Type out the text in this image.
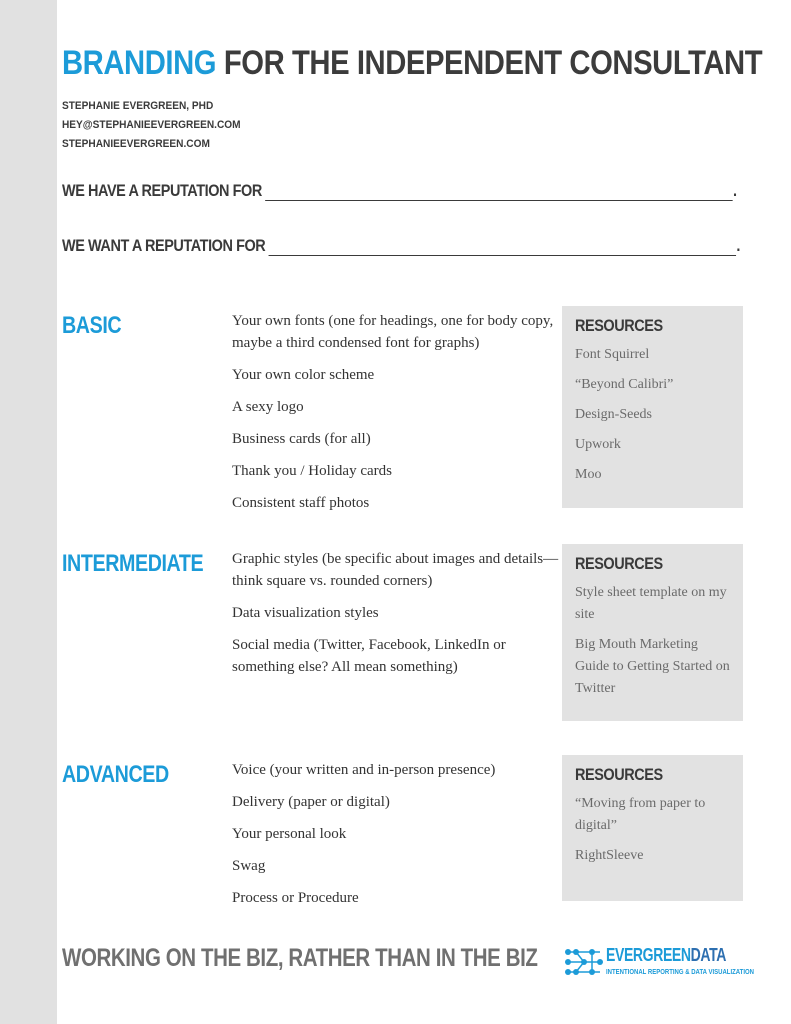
BRANDING FOR THE INDEPENDENT CONSULTANT
STEPHANIE EVERGREEN, PHD
HEY@STEPHANIEEVERGREEN.COM
STEPHANIEEVERGREEN.COM
WE HAVE A REPUTATION FOR	.
WE WANT A REPUTATION FOR	.
BASIC	Your own fonts (one for headings, one for body copy, maybe a third condensed font for graphs)
Your own color scheme
A sexy logo
Business cards (for all)
Thank you / Holiday cards
Consistent staff photos
RESOURCES
Font Squirrel
“Beyond Calibri”
Design-Seeds
Upwork
Moo
INTERMEDIATE Graphic styles (be specific about images and details—think square vs. rounded corners)
Data visualization styles
Social media (Twitter, Facebook, LinkedIn or something else? All mean something)
RESOURCES
Style sheet template on my site
Big Mouth Marketing Guide to Getting Started on Twitter
ADVANCED	Voice (your written and in-person presence)
Delivery (paper or digital)
Your personal look
Swag
Process or Procedure
RESOURCES
“Moving from paper to digital”
RightSleeve
WORKING ON THE BIZ, RATHER THAN IN THE BIZ	EVERGREENDATA
INTENTIONAL REPORTING & DATA VISUALIZATION
